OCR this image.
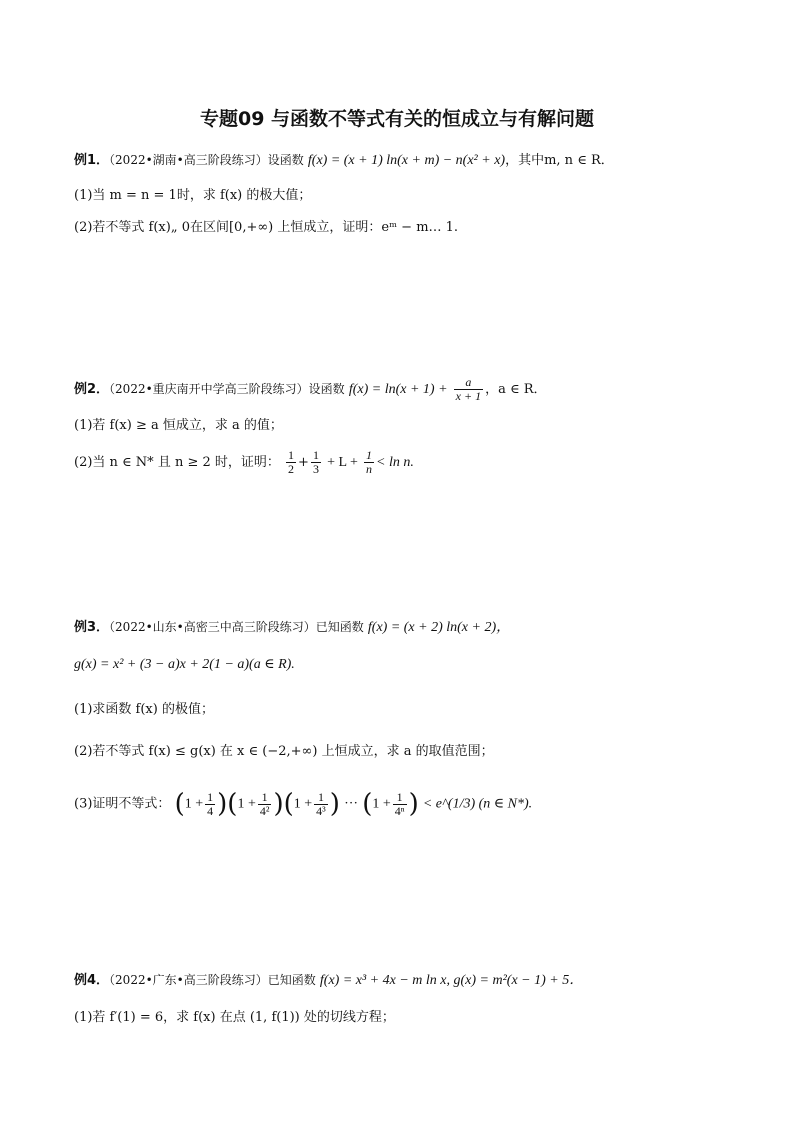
专题09 与函数不等式有关的恒成立与有解问题
例1．（2022•湖南•高三阶段练习）设函数 f(x) = (x + 1) ln(x + m) − n(x² + x)，其中m, n ∈ R．
(1)当 m = n = 1时，求 f(x) 的极大值；
(2)若不等式 f(x)„ 0在区间[0,+∞) 上恒成立，证明：eᵐ − m… 1.
例2．（2022•重庆南开中学高三阶段练习）设函数 $f(x) = \ln(x + 1) + \frac{a}{x + 1}$ ，a ∈ R．
(1)若 f(x) ≥ a 恒成立，求 a 的值；
(2)当 n ∈ N* 且 n ≥ 2 时，证明： $\frac{1}{2} + \frac{1}{3} + L + \frac{1}{n} < \ln n$.
例3．（2022•山东•高密三中高三阶段练习）已知函数 f(x) = (x + 2) ln(x + 2)，
g(x) = x² + (3 − a)x + 2(1 − a)(a ∈ R).
(1)求函数 f(x) 的极值；
(2)若不等式 f(x) ≤ g(x) 在 x ∈ (−2,+∞) 上恒成立，求 a 的取值范围；
(3)证明不等式： $(1 + \frac{1}{4} )(1 + \frac{1}{\text{4²}} )(1 + \frac{1}{\text{4³}}$ ) ··· ($1 + \frac{1}{\text{4ⁿ}}$ ) < e^(1/3) (n ∈ N*).
例4．（2022•广东•高三阶段练习）已知函数 f(x) = x³ + 4x − m ln x, g(x) = m²(x − 1) + 5．
(1)若 f′(1) = 6，求 f(x) 在点 (1, f(1)) 处的切线方程；
